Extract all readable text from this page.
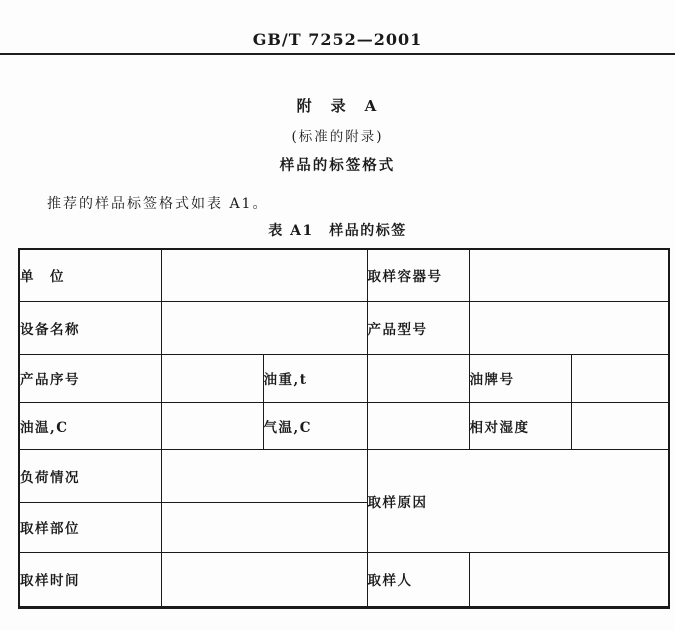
GB/T 7252—2001
附　录　A
(标准的附录)
样品的标签格式
推荐的样品标签格式如表 A1。
表 A1　样品的标签
单　位			取样容器号		
设备名称			产品型号		
产品序号		油重,t		油牌号	
油温,C		气温,C		相对湿度	
负荷情况			取样原因		
取样部位					
取样时间			取样人		
